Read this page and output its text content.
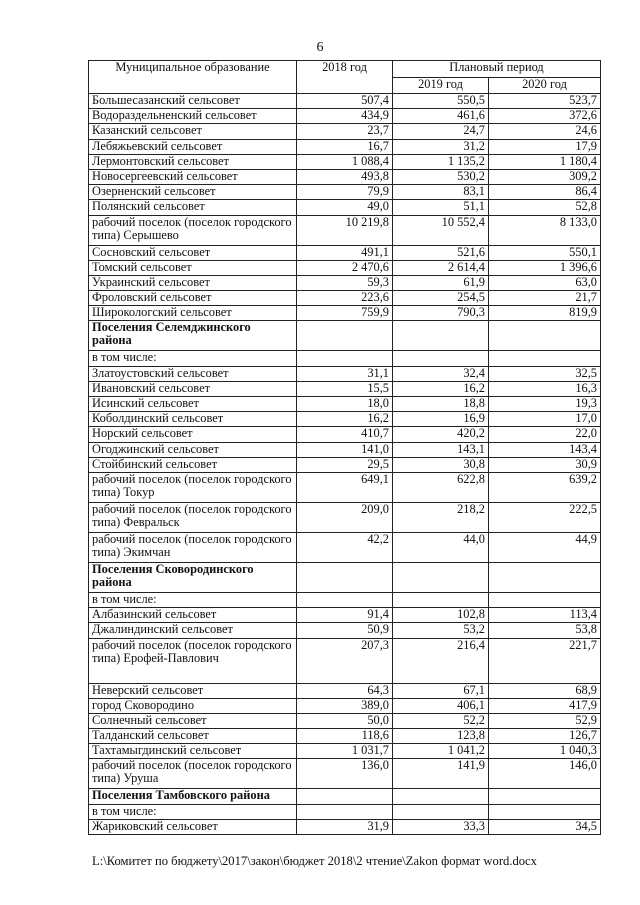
6
Муниципальное образование	2018 год	Плановый период	
		2019 год	2020 год
Большесазанский сельсовет	507,4	550,5	523,7
Водораздельненский сельсовет	434,9	461,6	372,6
Казанский сельсовет	23,7	24,7	24,6
Лебяжьевский сельсовет	16,7	31,2	17,9
Лермонтовский сельсовет	1 088,4	1 135,2	1 180,4
Новосергеевский сельсовет	493,8	530,2	309,2
Озерненский сельсовет	79,9	83,1	86,4
Полянский сельсовет	49,0	51,1	52,8
рабочий поселок (поселок городского типа) Серышево	10 219,8	10 552,4	8 133,0
Сосновский сельсовет	491,1	521,6	550,1
Томский сельсовет	2 470,6	2 614,4	1 396,6
Украинский сельсовет	59,3	61,9	63,0
Фроловский сельсовет	223,6	254,5	21,7
Широкологский сельсовет	759,9	790,3	819,9
Поселения Селемджинского района			
в том числе:			
Златоустовский сельсовет	31,1	32,4	32,5
Ивановский сельсовет	15,5	16,2	16,3
Исинский сельсовет	18,0	18,8	19,3
Коболдинский сельсовет	16,2	16,9	17,0
Норский сельсовет	410,7	420,2	22,0
Огоджинский сельсовет	141,0	143,1	143,4
Стойбинский сельсовет	29,5	30,8	30,9
рабочий поселок (поселок городского типа) Токур	649,1	622,8	639,2
рабочий поселок (поселок городского типа) Февральск	209,0	218,2	222,5
рабочий поселок (поселок городского типа) Экимчан	42,2	44,0	44,9
Поселения Сковородинского района			
в том числе:			
Албазинский сельсовет	91,4	102,8	113,4
Джалиндинский сельсовет	50,9	53,2	53,8
рабочий поселок (поселок городского типа) Ерофей-Павлович	207,3	216,4	221,7
Неверский сельсовет	64,3	67,1	68,9
город Сковородино	389,0	406,1	417,9
Солнечный сельсовет	50,0	52,2	52,9
Талданский сельсовет	118,6	123,8	126,7
Тахтамыгдинский сельсовет	1 031,7	1 041,2	1 040,3
рабочий поселок (поселок городского типа) Уруша	136,0	141,9	146,0
Поселения Тамбовского района			
в том числе:			
Жариковский сельсовет	31,9	33,3	34,5
L:\Комитет по бюджету\2017\закон\бюджет 2018\2 чтение\Zakon формат word.docx
